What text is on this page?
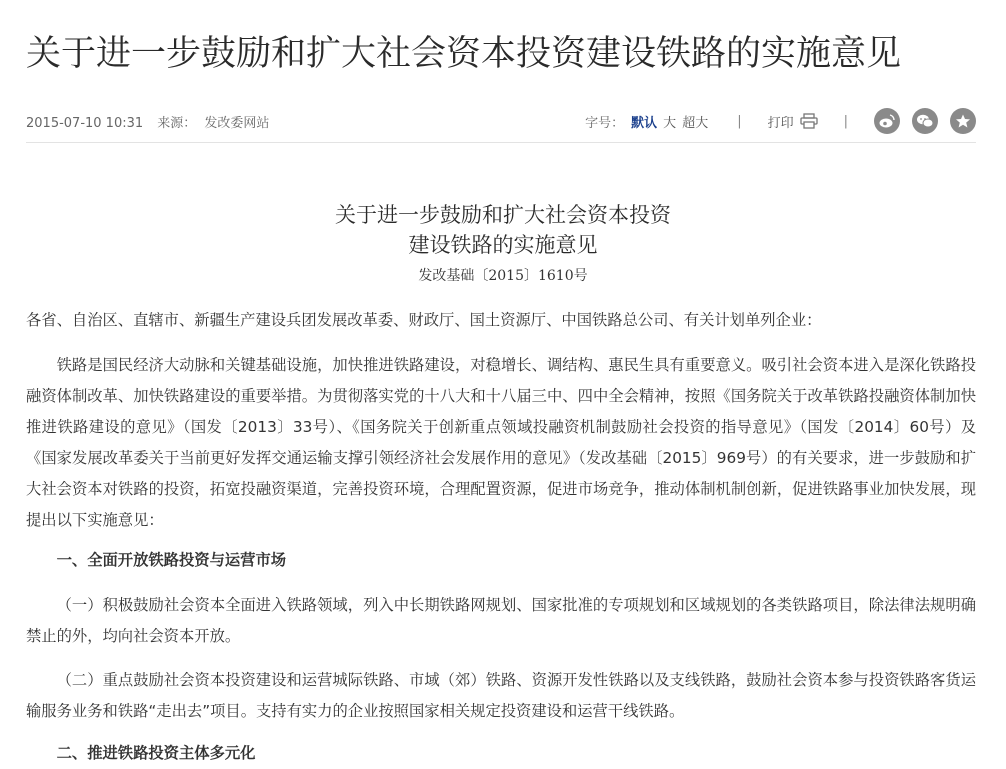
关于进一步鼓励和扩大社会资本投资建设铁路的实施意见
2015-07-10 10:31 来源： 发改委网站	字号： 默认 大 超大 | 打印	|
关于进一步鼓励和扩大社会资本投资
建设铁路的实施意见
发改基础〔2015〕1610号

各省、自治区、直辖市、新疆生产建设兵团发展改革委、财政厅、国土资源厅、中国铁路总公司、有关计划单列企业：

铁路是国民经济大动脉和关键基础设施，加快推进铁路建设，对稳增长、调结构、惠民生具有重要意义。吸引社会资本进入是深化铁路投融资体制改革、加快铁路建设的重要举措。为贯彻落实党的十八大和十八届三中、四中全会精神，按照《国务院关于改革铁路投融资体制加快推进铁路建设的意见》（国发〔2013〕33号）、《国务院关于创新重点领域投融资机制鼓励社会投资的指导意见》（国发〔2014〕60号）及《国家发展改革委关于当前更好发挥交通运输支撑引领经济社会发展作用的意见》（发改基础〔2015〕969号）的有关要求，进一步鼓励和扩大社会资本对铁路的投资，拓宽投融资渠道，完善投资环境，合理配置资源，促进市场竞争，推动体制机制创新，促进铁路事业加快发展，现提出以下实施意见：

一、全面开放铁路投资与运营市场

（一）积极鼓励社会资本全面进入铁路领域，列入中长期铁路网规划、国家批准的专项规划和区域规划的各类铁路项目，除法律法规明确禁止的外，均向社会资本开放。

（二）重点鼓励社会资本投资建设和运营城际铁路、市域（郊）铁路、资源开发性铁路以及支线铁路，鼓励社会资本参与投资铁路客货运输服务业务和铁路“走出去”项目。支持有实力的企业按照国家相关规定投资建设和运营干线铁路。

二、推进铁路投资主体多元化
